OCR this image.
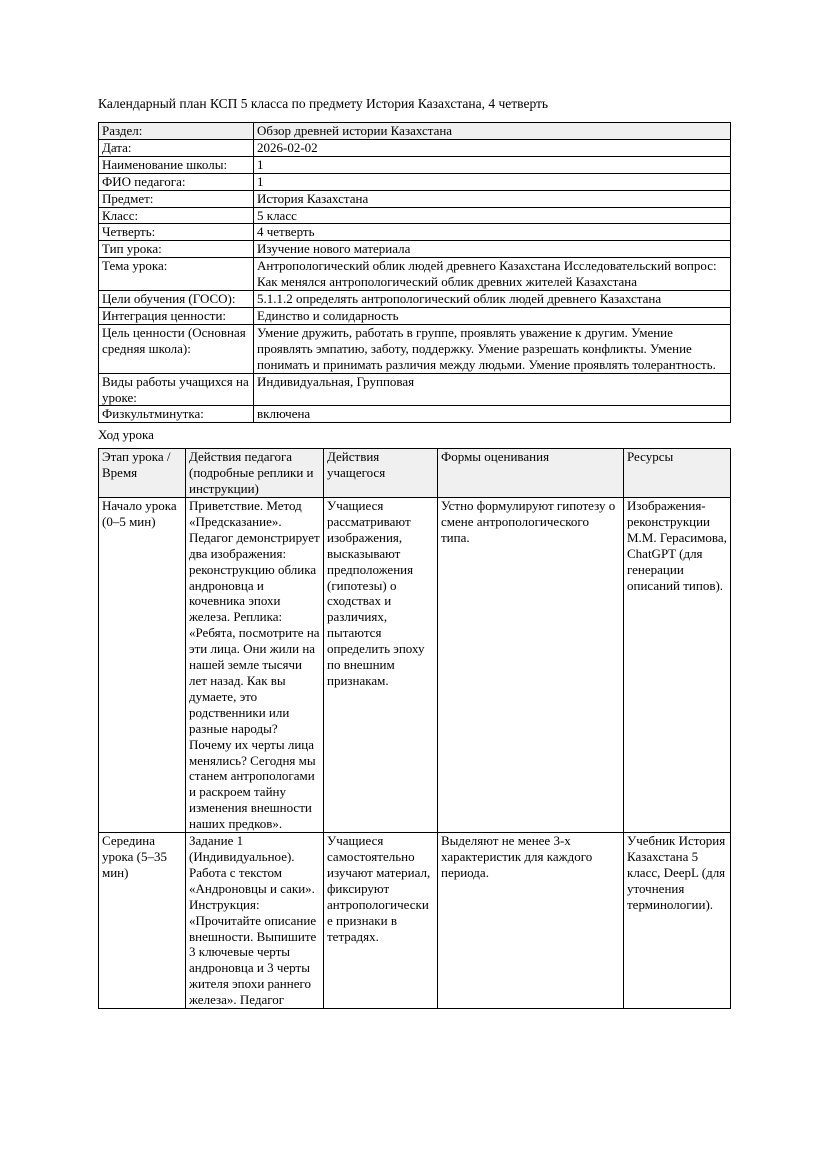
Календарный план КСП 5 класса по предмету История Казахстана, 4 четверть
Раздел:	Обзор древней истории Казахстана
Дата:	2026-02-02
Наименование школы:	1
ФИО педагога:	1
Предмет:	История Казахстана
Класс:	5 класс
Четверть:	4 четверть
Тип урока:	Изучение нового материала
Тема урока:	Антропологический облик людей древнего Казахстана Исследовательский вопрос: Как менялся антропологический облик древних жителей Казахстана
Цели обучения (ГОСО):	5.1.1.2 определять антропологический облик людей древнего Казахстана
Интеграция ценности:	Единство и солидарность
Цель ценности (Основная средняя школа):	Умение дружить, работать в группе, проявлять уважение к другим. Умение проявлять эмпатию, заботу, поддержку. Умение разрешать конфликты. Умение понимать и принимать различия между людьми. Умение проявлять толерантность.
Виды работы учащихся на уроке:	Индивидуальная, Групповая
Физкультминутка:	включена
Ход урока
Этап урока / Время	Действия педагога (подробные реплики и инструкции)	Действия учащегося	Формы оценивания	Ресурсы
Начало урока (0–5 мин)	Приветствие. Метод «Предсказание». Педагог демонстрирует два изображения: реконструкцию облика андроновца и кочевника эпохи железа. Реплика: «Ребята, посмотрите на эти лица. Они жили на нашей земле тысячи лет назад. Как вы думаете, это родственники или разные народы? Почему их черты лица менялись? Сегодня мы станем антропологами и раскроем тайну изменения внешности наших предков».	Учащиеся рассматривают изображения, высказывают предположения (гипотезы) о сходствах и различиях, пытаются определить эпоху по внешним признакам.	Устно формулируют гипотезу о смене антропологического типа.	Изображения-реконструкции М.М. Герасимова, ChatGPT (для генерации описаний типов).
Середина урока (5–35 мин)	Задание 1 (Индивидуальное). Работа с текстом «Андроновцы и саки». Инструкция: «Прочитайте описание внешности. Выпишите 3 ключевые черты андроновца и 3 черты жителя эпохи раннего железа». Педагог	Учащиеся самостоятельно изучают материал, фиксируют антропологические признаки в тетрадях.	Выделяют не менее 3-х характеристик для каждого периода.	Учебник История Казахстана 5 класс, DeepL (для уточнения терминологии).
